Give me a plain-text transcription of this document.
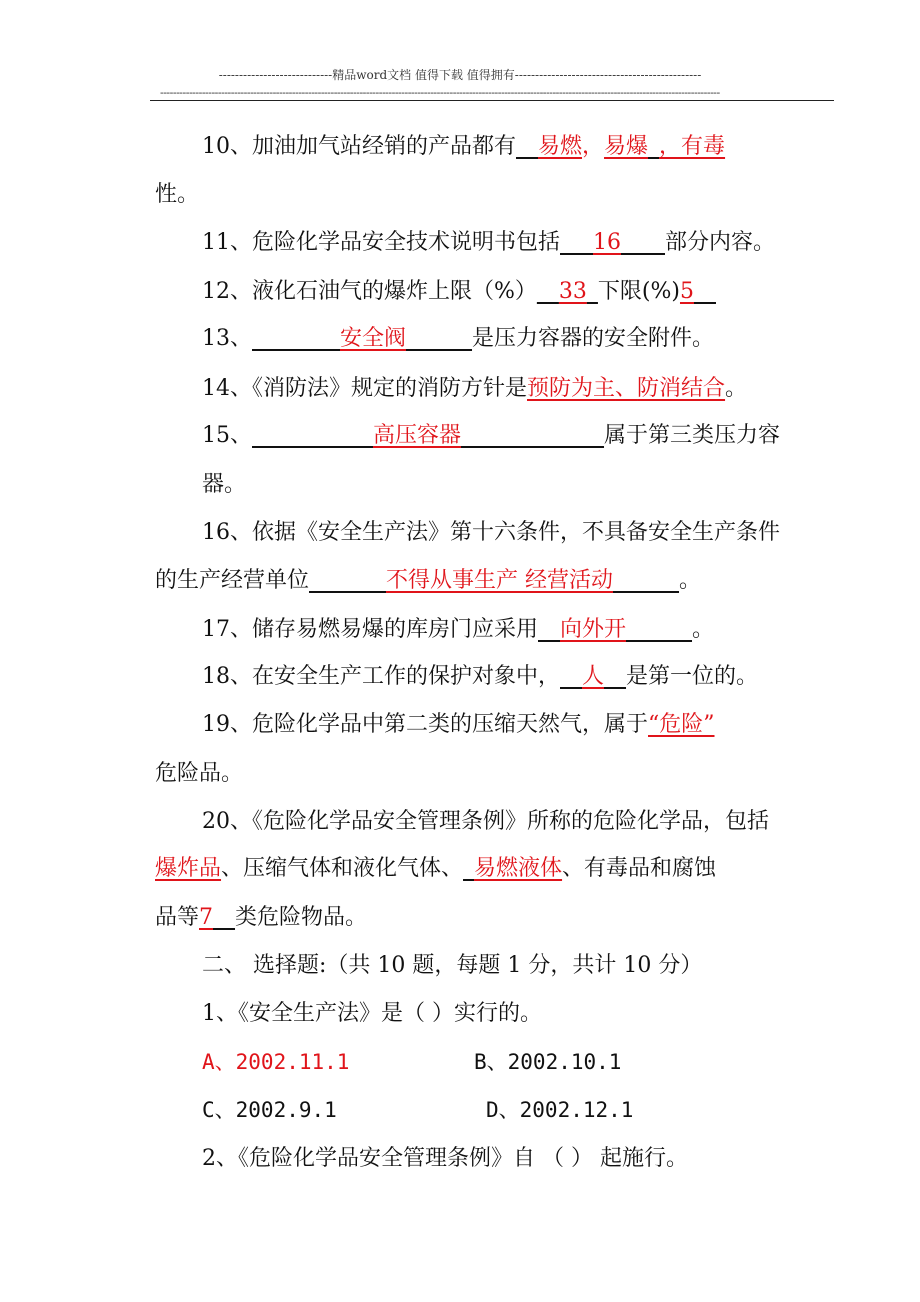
----------------------------精品word文档 值得下载 值得拥有----------------------------------------------
------------------------------------------------------------------------------------------------------------------------------------------------------------------------------
10、加油加气站经销的产品都有__易燃，易爆_，有毒
性。
11、危险化学品安全技术说明书包括___16____部分内容。
12、液化石油气的爆炸上限（%）__33_下限(%)5__
13、________安全阀______是压力容器的安全附件。
14、《消防法》规定的消防方针是预防为主、防消结合。
15、___________高压容器_____________属于第三类压力容
器。
16、依据《安全生产法》第十六条件，不具备安全生产条件
的生产经营单位_______不得从事生产 经营活动______。
17、储存易燃易爆的库房门应采用__向外开______。
18、在安全生产工作的保护对象中，__人__是第一位的。
19、危险化学品中第二类的压缩天然气，属于“危险”
危险品。
20、《危险化学品安全管理条例》所称的危险化学品，包括
爆炸品、压缩气体和液化气体、_易燃液体、有毒品和腐蚀
品等7__类危险物品。
二、 选择题:（共 10 题，每题 1 分，共计 10 分）
1、《安全生产法》是（ ）实行的。
A、2002.11.1	B、2002.10.1
C、2002.9.1	D、2002.12.1
2、《危险化学品安全管理条例》自 （ ） 起施行。
